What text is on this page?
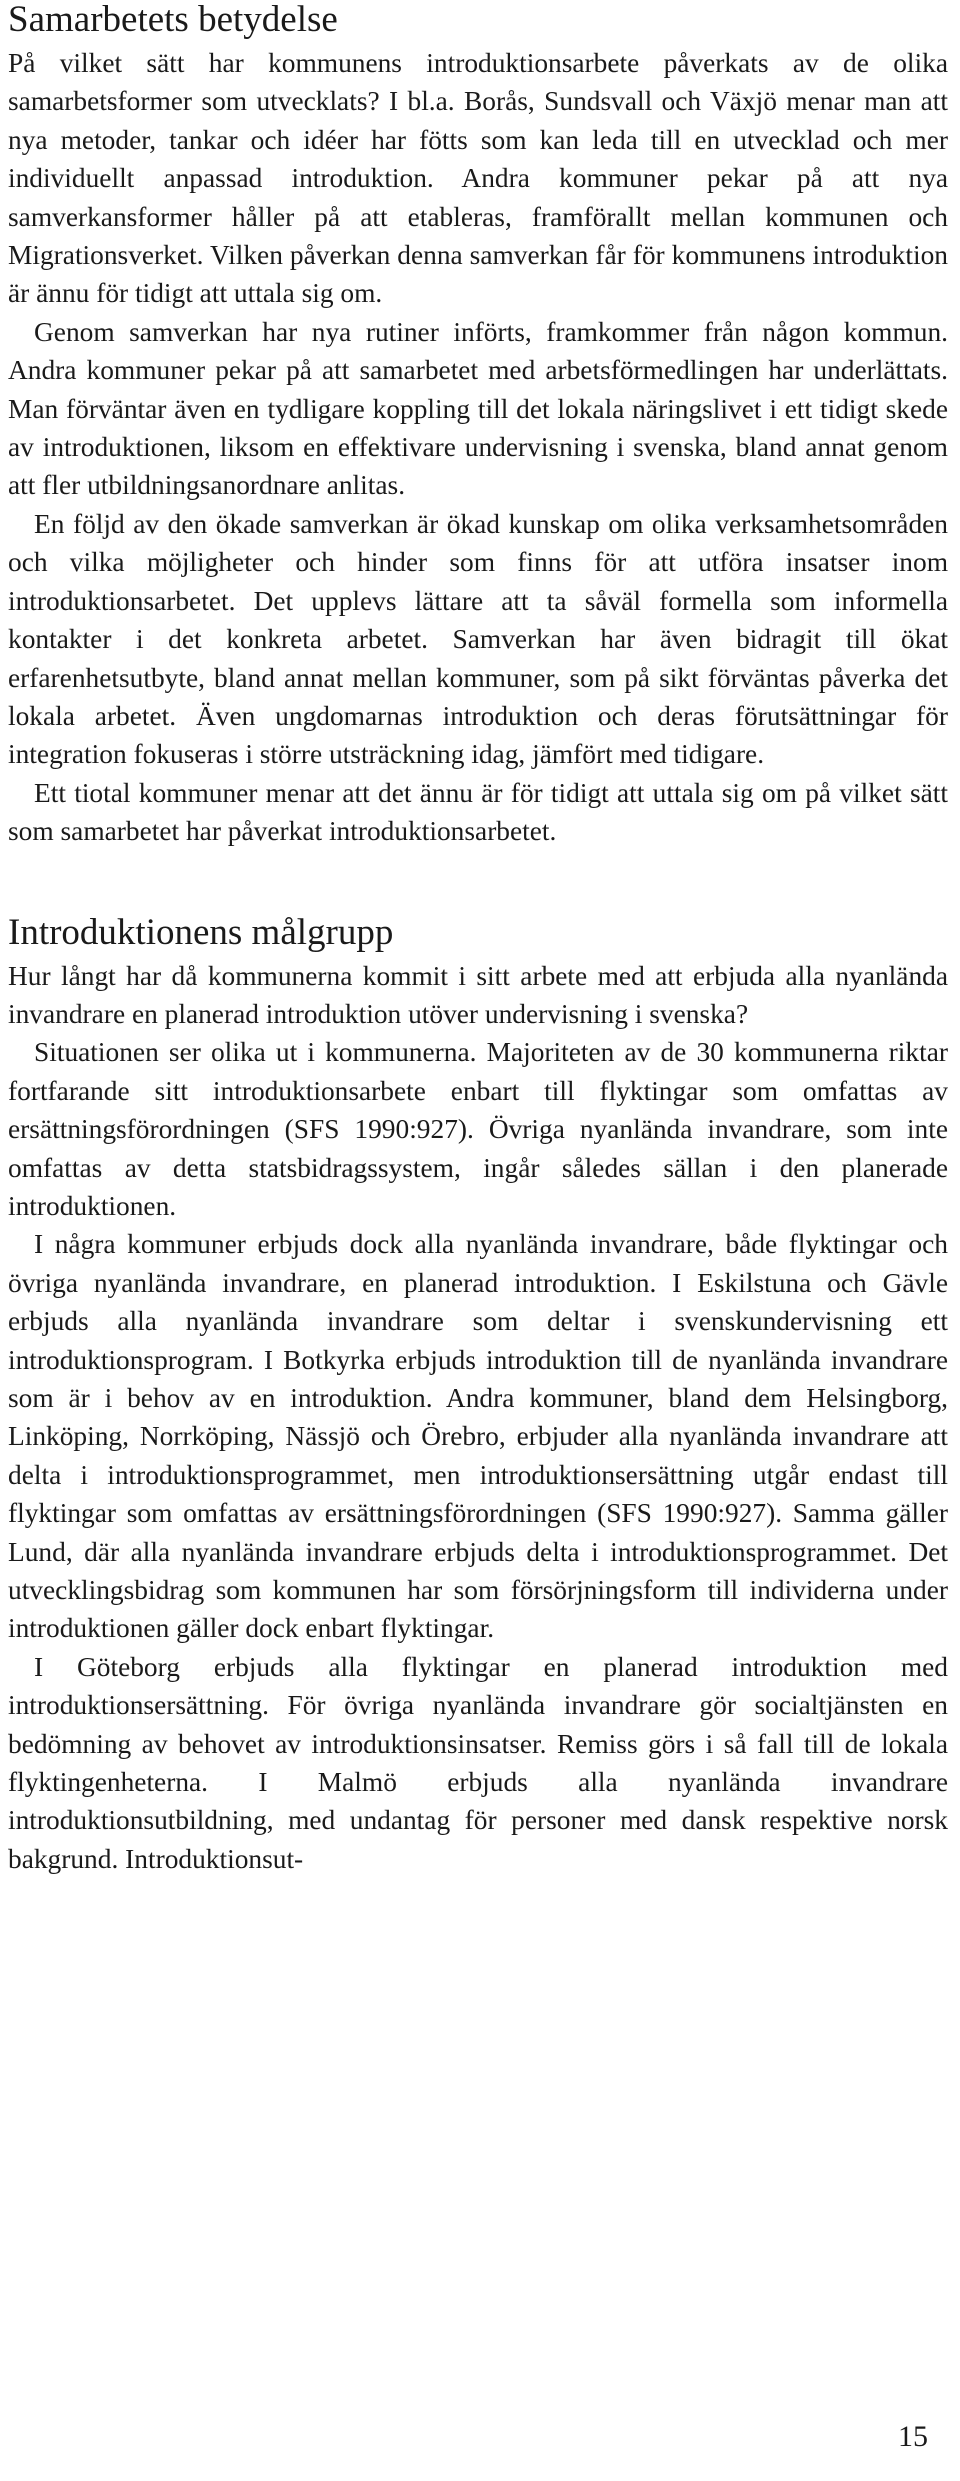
Samarbetets betydelse

På vilket sätt har kommunens introduktionsarbete påverkats av de olika samarbetsformer som utvecklats? I bl.a. Borås, Sundsvall och Växjö menar man att nya metoder, tankar och idéer har fötts som kan leda till en utvecklad och mer individuellt anpassad introduktion. Andra kommuner pekar på att nya samverkansformer håller på att etableras, framförallt mellan kommunen och Migrationsverket. Vilken påverkan denna samverkan får för kommunens introduktion är ännu för tidigt att uttala sig om.

Genom samverkan har nya rutiner införts, framkommer från någon kommun. Andra kommuner pekar på att samarbetet med arbetsförmedlingen har underlättats. Man förväntar även en tydligare koppling till det lokala näringslivet i ett tidigt skede av introduktionen, liksom en effektivare undervisning i svenska, bland annat genom att fler utbildningsanordnare anlitas.

En följd av den ökade samverkan är ökad kunskap om olika verksamhetsområden och vilka möjligheter och hinder som finns för att utföra insatser inom introduktionsarbetet. Det upplevs lättare att ta såväl formella som informella kontakter i det konkreta arbetet. Samverkan har även bidragit till ökat erfarenhetsutbyte, bland annat mellan kommuner, som på sikt förväntas påverka det lokala arbetet. Även ungdomarnas introduktion och deras förutsättningar för integration fokuseras i större utsträckning idag, jämfört med tidigare.

Ett tiotal kommuner menar att det ännu är för tidigt att uttala sig om på vilket sätt som samarbetet har påverkat introduktionsarbetet.

Introduktionens målgrupp

Hur långt har då kommunerna kommit i sitt arbete med att erbjuda alla nyanlända invandrare en planerad introduktion utöver undervisning i svenska?

Situationen ser olika ut i kommunerna. Majoriteten av de 30 kommunerna riktar fortfarande sitt introduktionsarbete enbart till flyktingar som omfattas av ersättningsförordningen (SFS 1990:927). Övriga nyanlända invandrare, som inte omfattas av detta statsbidragssystem, ingår således sällan i den planerade introduktionen.

I några kommuner erbjuds dock alla nyanlända invandrare, både flyktingar och övriga nyanlända invandrare, en planerad introduktion. I Eskilstuna och Gävle erbjuds alla nyanlända invandrare som deltar i svenskundervisning ett introduktionsprogram. I Botkyrka erbjuds introduktion till de nyanlända invandrare som är i behov av en introduktion. Andra kommuner, bland dem Helsingborg, Linköping, Norrköping, Nässjö och Örebro, erbjuder alla nyanlända invandrare att delta i introduktionsprogrammet, men introduktionsersättning utgår endast till flyktingar som omfattas av ersättningsförordningen (SFS 1990:927). Samma gäller Lund, där alla nyanlända invandrare erbjuds delta i introduktionsprogrammet. Det utvecklingsbidrag som kommunen har som försörjningsform till individerna under introduktionen gäller dock enbart flyktingar.

I Göteborg erbjuds alla flyktingar en planerad introduktion med introduktionsersättning. För övriga nyanlända invandrare gör socialtjänsten en bedömning av behovet av introduktionsinsatser. Remiss görs i så fall till de lokala flyktingenheterna. I Malmö erbjuds alla nyanlända invandrare introduktionsutbildning, med undantag för personer med dansk respektive norsk bakgrund. Introduktionsut-

15
